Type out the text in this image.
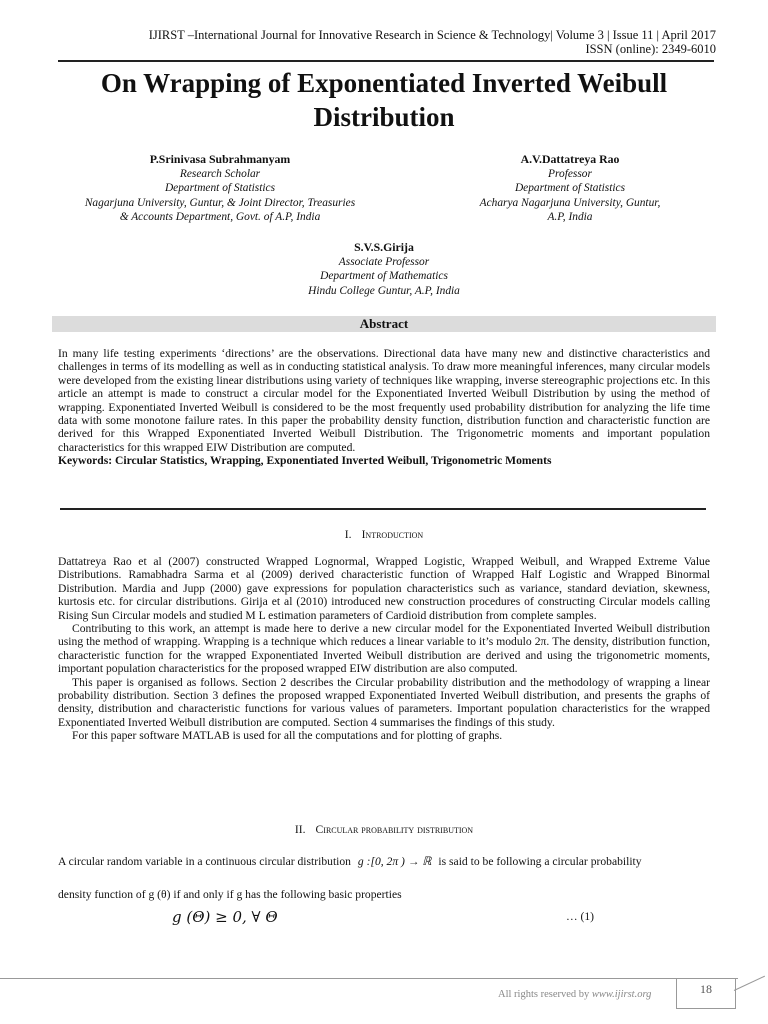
IJIRST –International Journal for Innovative Research in Science & Technology| Volume 3 | Issue 11 | April 2017
ISSN (online): 2349-6010
On Wrapping of Exponentiated Inverted Weibull
Distribution
P.Srinivasa Subrahmanyam
Research Scholar
Department of Statistics
Nagarjuna University, Guntur, & Joint Director, Treasuries
& Accounts Department, Govt. of A.P, India
A.V.Dattatreya Rao
Professor
Department of Statistics
Acharya Nagarjuna University, Guntur,
A.P, India
S.V.S.Girija
Associate Professor
Department of Mathematics
Hindu College Guntur, A.P, India
Abstract

In many life testing experiments ‘directions’ are the observations. Directional data have many new and distinctive characteristics and challenges in terms of its modelling as well as in conducting statistical analysis. To draw more meaningful inferences, many circular models were developed from the existing linear distributions using variety of techniques like wrapping, inverse stereographic projections etc. In this article an attempt is made to construct a circular model for the Exponentiated Inverted Weibull Distribution by using the method of wrapping. Exponentiated Inverted Weibull is considered to be the most frequently used probability distribution for analyzing the life time data with some monotone failure rates. In this paper the probability density function, distribution function and characteristic function are derived for this Wrapped Exponentiated Inverted Weibull Distribution. The Trigonometric moments and important population characteristics for this wrapped EIW Distribution are computed.

Keywords: Circular Statistics, Wrapping, Exponentiated Inverted Weibull, Trigonometric Moments

I. Introduction

Dattatreya Rao et al (2007) constructed Wrapped Lognormal, Wrapped Logistic, Wrapped Weibull, and Wrapped Extreme Value Distributions. Ramabhadra Sarma et al (2009) derived characteristic function of Wrapped Half Logistic and Wrapped Binormal Distribution. Mardia and Jupp (2000) gave expressions for population characteristics such as variance, standard deviation, skewness, kurtosis etc. for circular distributions. Girija et al (2010) introduced new construction procedures of constructing Circular models calling Rising Sun Circular models and studied M L estimation parameters of Cardioid distribution from complete samples.

Contributing to this work, an attempt is made here to derive a new circular model for the Exponentiated Inverted Weibull distribution using the method of wrapping. Wrapping is a technique which reduces a linear variable to it’s modulo 2π. The density, distribution function, characteristic function for the wrapped Exponentiated Inverted Weibull distribution are derived and using the trigonometric moments, important population characteristics for the proposed wrapped EIW distribution are also computed.

This paper is organised as follows. Section 2 describes the Circular probability distribution and the methodology of wrapping a linear probability distribution. Section 3 defines the proposed wrapped Exponentiated Inverted Weibull distribution, and presents the graphs of density, distribution and characteristic functions for various values of parameters. Important population characteristics for the wrapped Exponentiated Inverted Weibull distribution are computed. Section 4 summarises the findings of this study.

For this paper software MATLAB is used for all the computations and for plotting of graphs.

II. Circular probability distribution
A circular random variable in a continuous circular distribution g :[0, 2π ) → ℝ is said to be following a circular probability
density function of g (θ) if and only if g has the following basic properties
g (Θ) ≥ 0, ∀ Θ	… (1)
All rights reserved by www.ijirst.org	18
